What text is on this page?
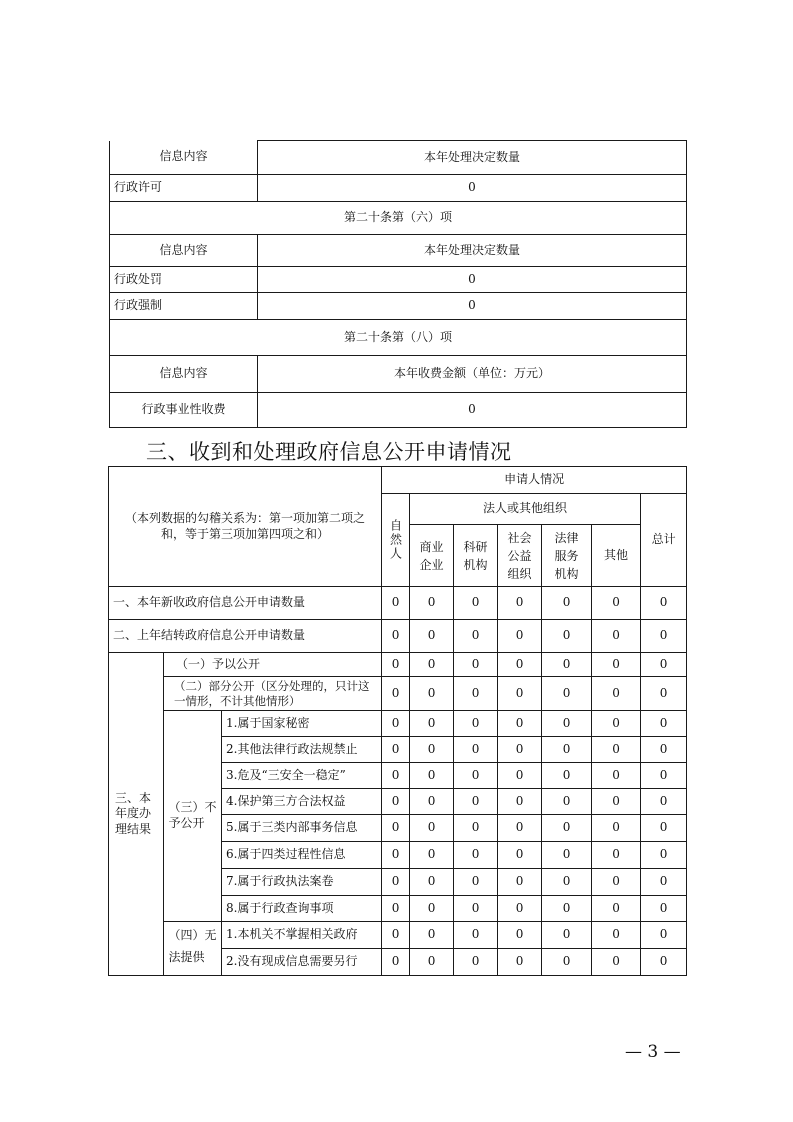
信息内容	本年处理决定数量
行政许可	0
第二十条第（六）项	
信息内容	本年处理决定数量
行政处罚	0
行政强制	0
第二十条第（八）项	
信息内容	本年收费金额（单位：万元）
行政事业性收费	0
三、收到和处理政府信息公开申请情况
（本列数据的勾稽关系为：第一项加第二项之和，等于第三项加第四项之和）			申请人情况						
			自然人	法人或其他组织					总计
				商业企业	科研机构	社会公益组织	法律服务机构	其他	
一、本年新收政府信息公开申请数量			0	0	0	0	0	0	0
二、上年结转政府信息公开申请数量			0	0	0	0	0	0	0
三、本年度办理结果	（一）予以公开		0	0	0	0	0	0	0
	（二）部分公开（区分处理的，只计这一情形，不计其他情形）		0	0	0	0	0	0	0
	（三）不予公开	1.属于国家秘密	0	0	0	0	0	0	0
		2.其他法律行政法规禁止	0	0	0	0	0	0	0
		3.危及“三安全一稳定”	0	0	0	0	0	0	0
		4.保护第三方合法权益	0	0	0	0	0	0	0
		5.属于三类内部事务信息	0	0	0	0	0	0	0
		6.属于四类过程性信息	0	0	0	0	0	0	0
		7.属于行政执法案卷	0	0	0	0	0	0	0
		8.属于行政查询事项	0	0	0	0	0	0	0

	（四）无法提供	1.本机关不掌握相关政府	0	0	0	0	0	0	0
		2.没有现成信息需要另行	0	0	0	0	0	0	0
— 3 —
